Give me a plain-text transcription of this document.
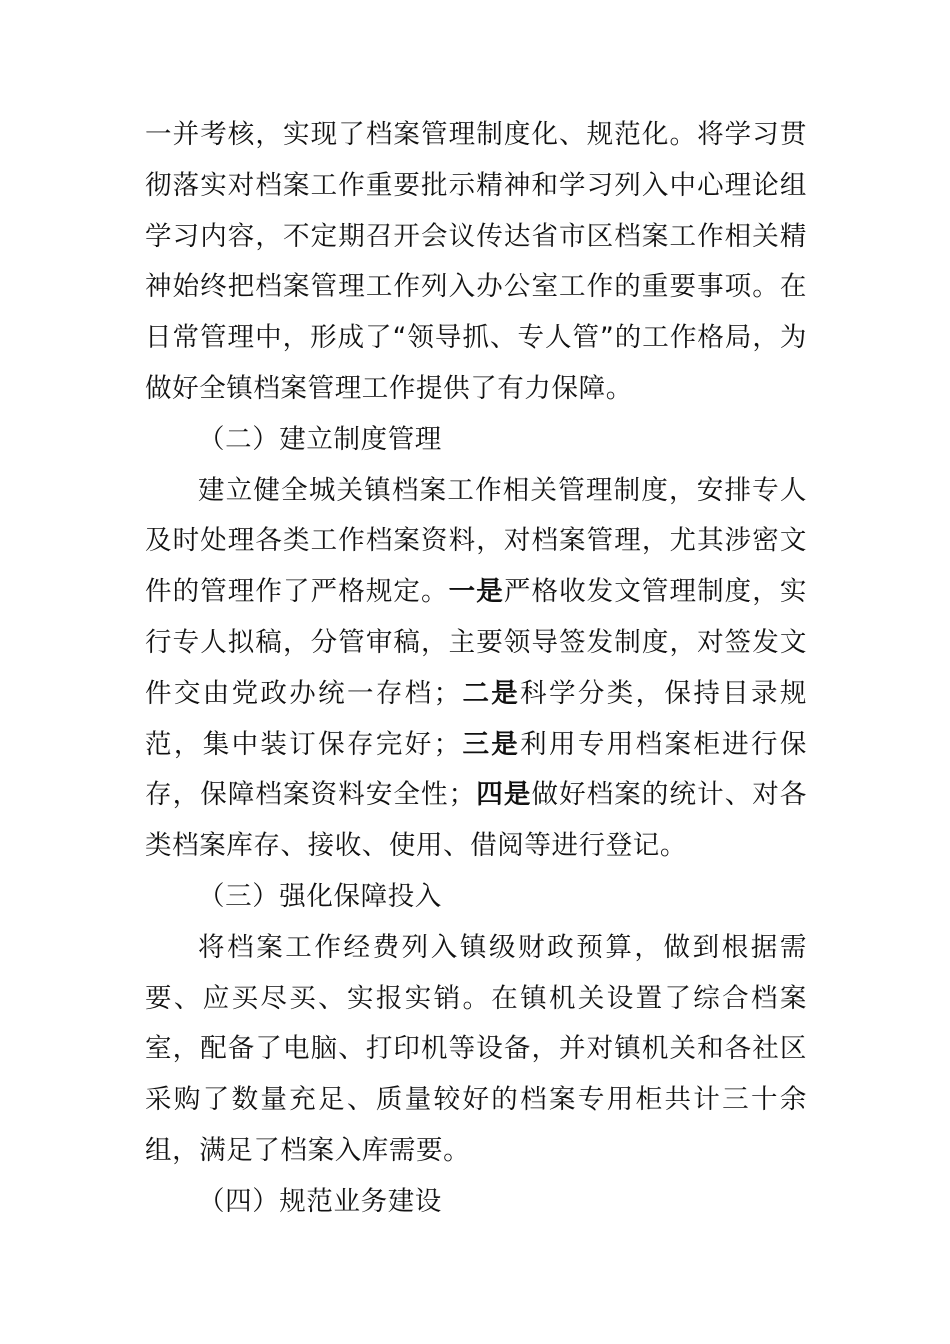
一并考核，实现了档案管理制度化、规范化。将学习贯彻落实对档案工作重要批示精神和学习列入中心理论组学习内容，不定期召开会议传达省市区档案工作相关精神始终把档案管理工作列入办公室工作的重要事项。在日常管理中，形成了“领导抓、专人管”的工作格局，为做好全镇档案管理工作提供了有力保障。

（二）建立制度管理

建立健全城关镇档案工作相关管理制度，安排专人及时处理各类工作档案资料，对档案管理，尤其涉密文件的管理作了严格规定。一是严格收发文管理制度，实行专人拟稿，分管审稿，主要领导签发制度，对签发文件交由党政办统一存档；二是科学分类，保持目录规范，集中装订保存完好；三是利用专用档案柜进行保存，保障档案资料安全性；四是做好档案的统计、对各类档案库存、接收、使用、借阅等进行登记。

（三）强化保障投入

将档案工作经费列入镇级财政预算，做到根据需要、应买尽买、实报实销。在镇机关设置了综合档案室，配备了电脑、打印机等设备，并对镇机关和各社区采购了数量充足、质量较好的档案专用柜共计三十余组，满足了档案入库需要。

（四）规范业务建设
